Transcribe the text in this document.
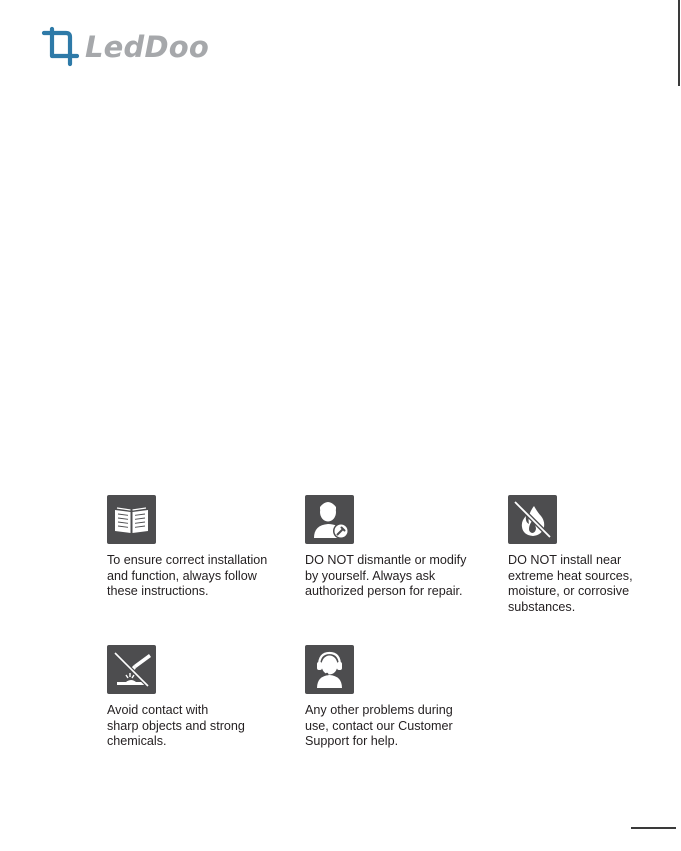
LedDoo
To ensure correct installation
and function, always follow
these instructions.
DO NOT dismantle or modify
by yourself. Always ask
authorized person for repair.
DO NOT install near
extreme heat sources,
moisture, or corrosive
substances.
Avoid contact with
sharp objects and strong
chemicals.
Any other problems during
use, contact our Customer
Support for help.
